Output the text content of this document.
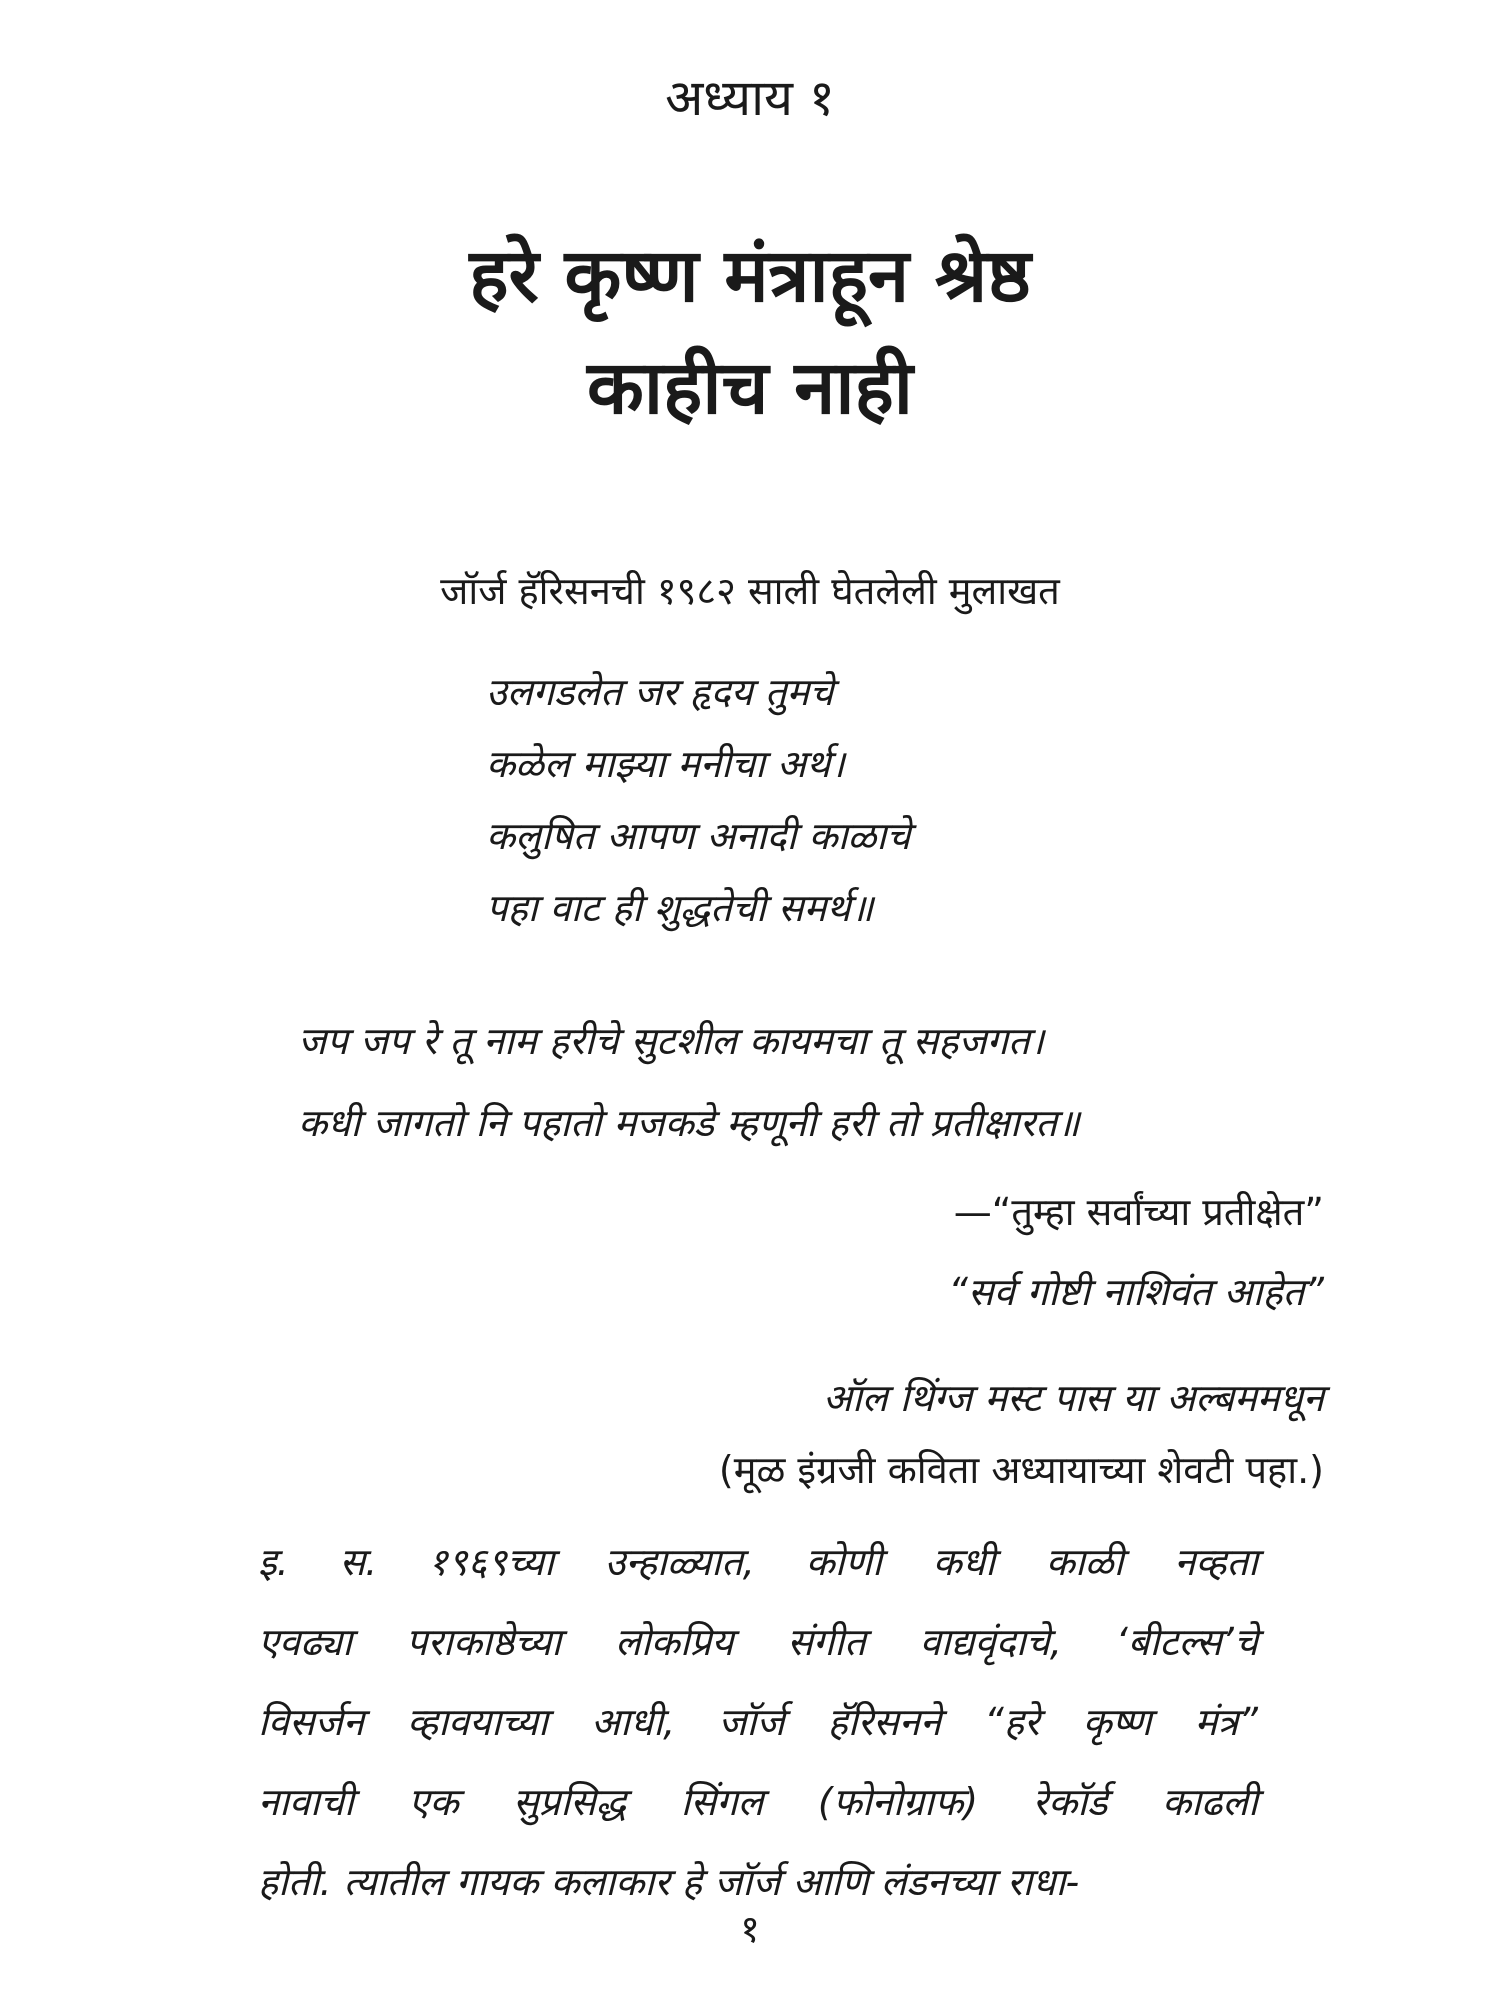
अध्याय १
हरे कृष्ण मंत्राहून श्रेष्ठ
काहीच नाही
जॉर्ज हॅरिसनची १९८२ साली घेतलेली मुलाखत
उलगडलेत जर हृदय तुमचे
कळेल माझ्या मनीचा अर्थ।
कलुषित आपण अनादी काळाचे
पहा वाट ही शुद्धतेची समर्थ॥
जप जप रे तू नाम हरीचे सुटशील कायमचा तू सहजगत।
कधी जागतो नि पहातो मजकडे म्हणूनी हरी तो प्रतीक्षारत॥
—“तुम्हा सर्वांच्या प्रतीक्षेत”
“सर्व गोष्टी नाशिवंत आहेत”
ऑल थिंग्ज मस्ट पास या अल्बममधून
(मूळ इंग्रजी कविता अध्यायाच्या शेवटी पहा.)
इ. स. १९६९च्या उन्हाळ्यात, कोणी कधी काळी नव्हता
एवढ्या पराकाष्ठेच्या लोकप्रिय संगीत वाद्यवृंदाचे, ‘बीटल्स’चे
विसर्जन व्हावयाच्या आधी, जॉर्ज हॅरिसनने “हरे कृष्ण मंत्र”
नावाची एक सुप्रसिद्ध सिंगल (फोनोग्राफ) रेकॉर्ड काढली
होती. त्यातील गायक कलाकार हे जॉर्ज आणि लंडनच्या राधा-
१
